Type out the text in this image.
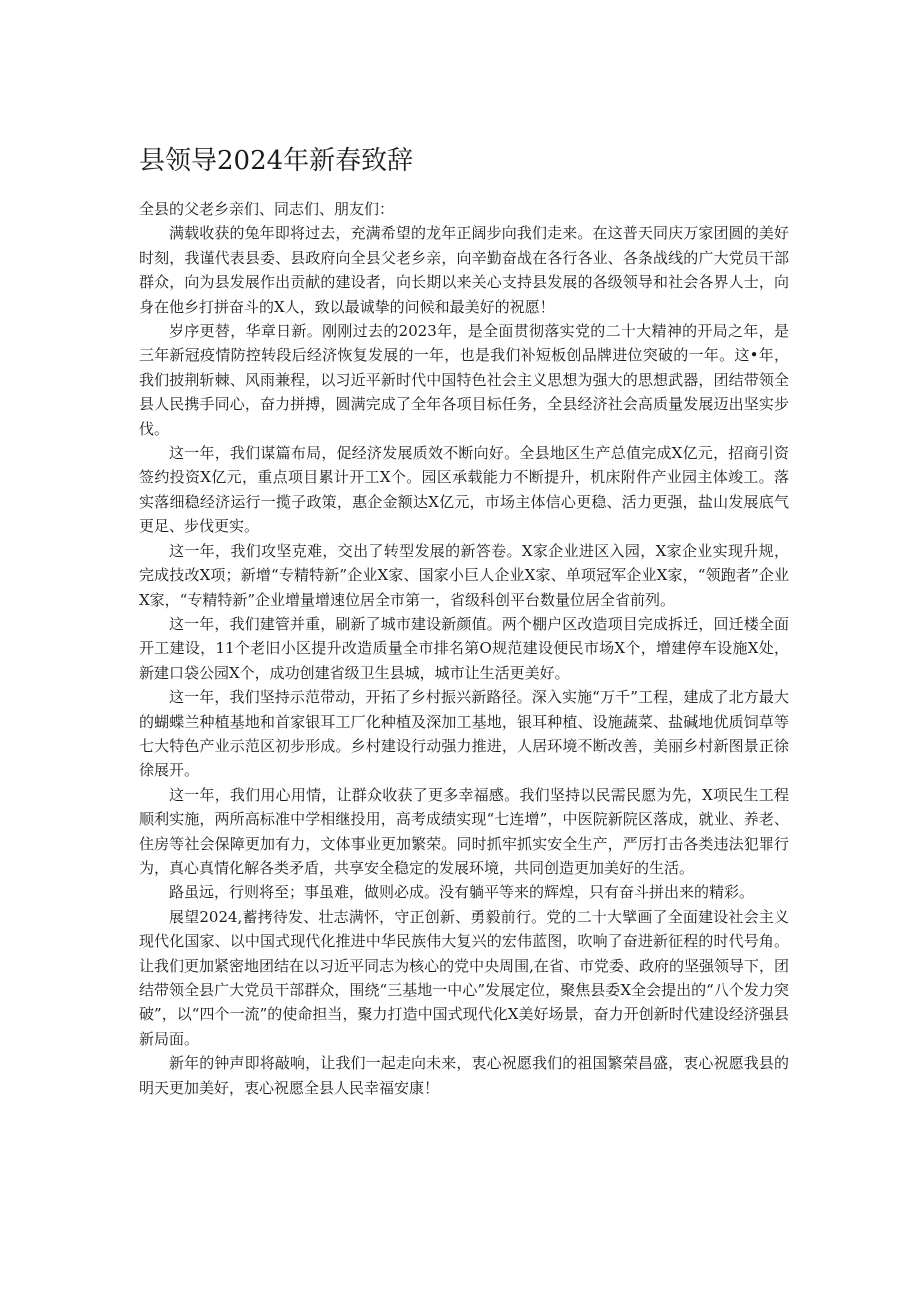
县领导2024年新春致辞

全县的父老乡亲们、同志们、朋友们：

满载收获的兔年即将过去，充满希望的龙年正阔步向我们走来。在这普天同庆万家团圆的美好时刻，我谨代表县委、县政府向全县父老乡亲，向辛勤奋战在各行各业、各条战线的广大党员干部群众，向为县发展作出贡献的建设者，向长期以来关心支持县发展的各级领导和社会各界人士，向身在他乡打拼奋斗的X人，致以最诚挚的问候和最美好的祝愿！

岁序更替，华章日新。刚刚过去的2023年，是全面贯彻落实党的二十大精神的开局之年，是三年新冠疫情防控转段后经济恢复发展的一年，也是我们补短板创品牌进位突破的一年。这•年，我们披荆斩棘、风雨兼程，以习近平新时代中国特色社会主义思想为强大的思想武器，团结带领全县人民携手同心，奋力拼搏，圆满完成了全年各项目标任务，全县经济社会高质量发展迈出坚实步伐。

这一年，我们谋篇布局，促经济发展质效不断向好。全县地区生产总值完成X亿元，招商引资签约投资X亿元，重点项目累计开工X个。园区承载能力不断提升，机床附件产业园主体竣工。落实落细稳经济运行一揽子政策，惠企金额达X亿元，市场主体信心更稳、活力更强，盐山发展底气更足、步伐更实。

这一年，我们攻坚克难，交出了转型发展的新答卷。X家企业进区入园，X家企业实现升规，完成技改X项；新增“专精特新”企业X家、国家小巨人企业X家、单项冠军企业X家，“领跑者”企业X家，“专精特新”企业增量增速位居全市第一，省级科创平台数量位居全省前列。

这一年，我们建管并重，刷新了城市建设新颜值。两个棚户区改造项目完成拆迁，回迁楼全面开工建设，11个老旧小区提升改造质量全市排名第O规范建设便民市场X个，增建停车设施X处，新建口袋公园X个，成功创建省级卫生县城，城市让生活更美好。

这一年，我们坚持示范带动，开拓了乡村振兴新路径。深入实施“万千”工程，建成了北方最大的蝴蝶兰种植基地和首家银耳工厂化种植及深加工基地，银耳种植、设施蔬菜、盐碱地优质饲草等七大特色产业示范区初步形成。乡村建设行动强力推进，人居环境不断改善，美丽乡村新图景正徐徐展开。

这一年，我们用心用情，让群众收获了更多幸福感。我们坚持以民需民愿为先，X项民生工程顺利实施，两所高标准中学相继投用，高考成绩实现“七连增”，中医院新院区落成，就业、养老、住房等社会保障更加有力，文体事业更加繁荣。同时抓牢抓实安全生产，严厉打击各类违法犯罪行为，真心真情化解各类矛盾，共享安全稳定的发展环境，共同创造更加美好的生活。

路虽远，行则将至；事虽难，做则必成。没有躺平等来的辉煌，只有奋斗拼出来的精彩。

展望2024,蓄拷待发、壮志满怀，守正创新、勇毅前行。党的二十大擘画了全面建设社会主义现代化国家、以中国式现代化推进中华民族伟大复兴的宏伟蓝图，吹响了奋进新征程的时代号角。让我们更加紧密地团结在以习近平同志为核心的党中央周围,在省、市党委、政府的坚强领导下，团结带领全县广大党员干部群众，围绕“三基地一中心”发展定位，聚焦县委X全会提出的“八个发力突破”，以“四个一流”的使命担当，聚力打造中国式现代化X美好场景，奋力开创新时代建设经济强县新局面。

新年的钟声即将敲响，让我们一起走向未来，衷心祝愿我们的祖国繁荣昌盛，衷心祝愿我县的明天更加美好，衷心祝愿全县人民幸福安康！
